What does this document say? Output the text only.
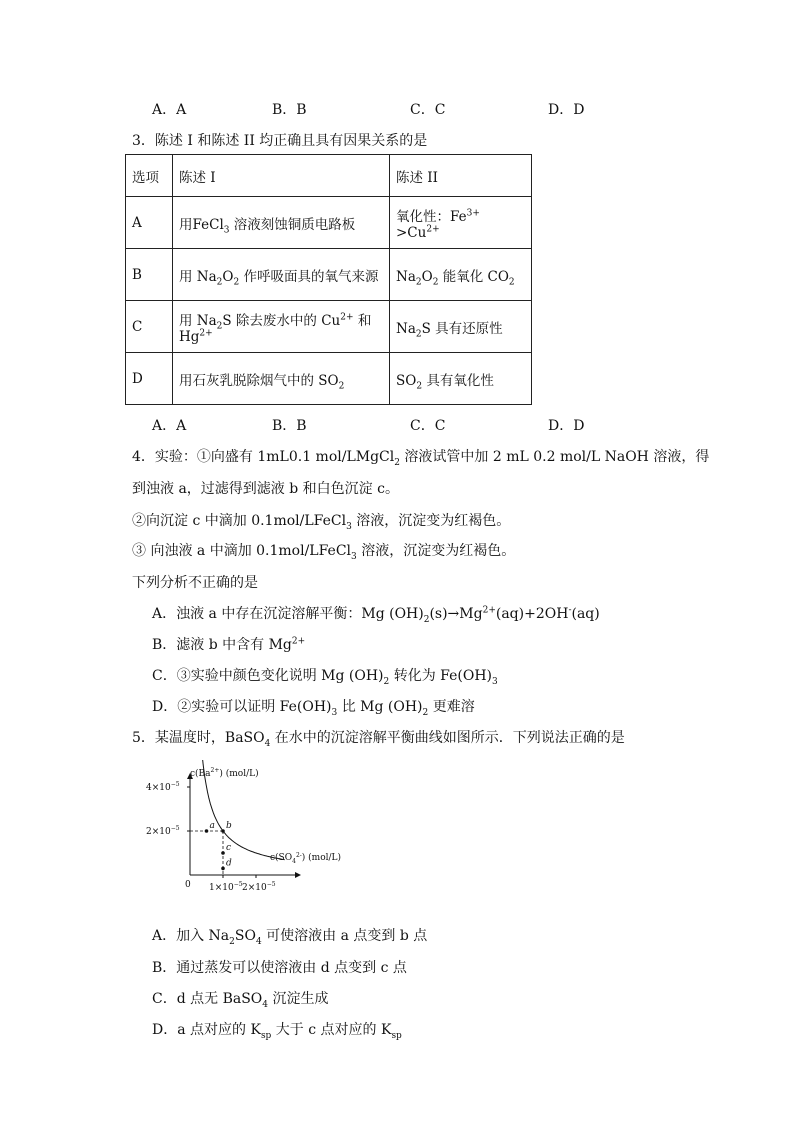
A．A	B．B	C．C	D．D
3．陈述 I 和陈述 II 均正确且具有因果关系的是
选项	陈述 I	陈述 II
A	用FeCl$_3$ 溶液刻蚀铜质电路板	氧化性：$Fe^{3+} >Cu^{2+}$
B	用 $Na_2O_2$ 作呼吸面具的氧气来源	$Na_2O_2$ 能氧化 $CO_2$
C	用 $Na_2S$ 除去废水中的 $Cu^{2+}$ 和 $Hg^{2+}$	$Na_2S$ 具有还原性
D	用石灰乳脱除烟气中的 $SO_2$	$SO_2$ 具有氧化性
A．A	B．B	C．C	D．D
4．实验：①向盛有 1mL0.1 mol/LMgCl$_2$ 溶液试管中加 2 mL 0.2 mol/L NaOH 溶液，得
到浊液 a，过滤得到滤液 b 和白色沉淀 c。
②向沉淀 c 中滴加 0.1mol/LFeCl$_3$ 溶液，沉淀变为红褐色。
③ 向浊液 a 中滴加 0.1mol/LFeCl$_3$ 溶液，沉淀变为红褐色。
下列分析不正确的是
A．浊液 a 中存在沉淀溶解平衡：Mg $(OH)_2(s)\to Mg^{2+}(aq)+2OH^-(aq)$
B．滤液 b 中含有 $Mg^{2+}$
C．③实验中颜色变化说明 Mg $(OH)_2$ 转化为 $Fe(OH)_3$
D．②实验可以证明 $Fe(OH)_3$ 比 Mg $(OH)_2$ 更难溶
5．某温度时，BaSO$_4$ 在水中的沉淀溶解平衡曲线如图所示．下列说法正确的是
$c(Ba^{2+})$ (mol/L)
$c(SO_4^{2-})$ (mol/L)
0
$4\times 10^{-5}$
$2\times 10^{-5}$
$1\times 10^{-5}$ $2\times 10^{-5}$
a b
c
d
A．加入 $Na_2SO_4$ 可使溶液由 a 点变到 b 点
B．通过蒸发可以使溶液由 d 点变到 c 点
C．d 点无 BaSO$_4$ 沉淀生成
D．a 点对应的 $K_{sp}$ 大于 c 点对应的 $K_{sp}$
